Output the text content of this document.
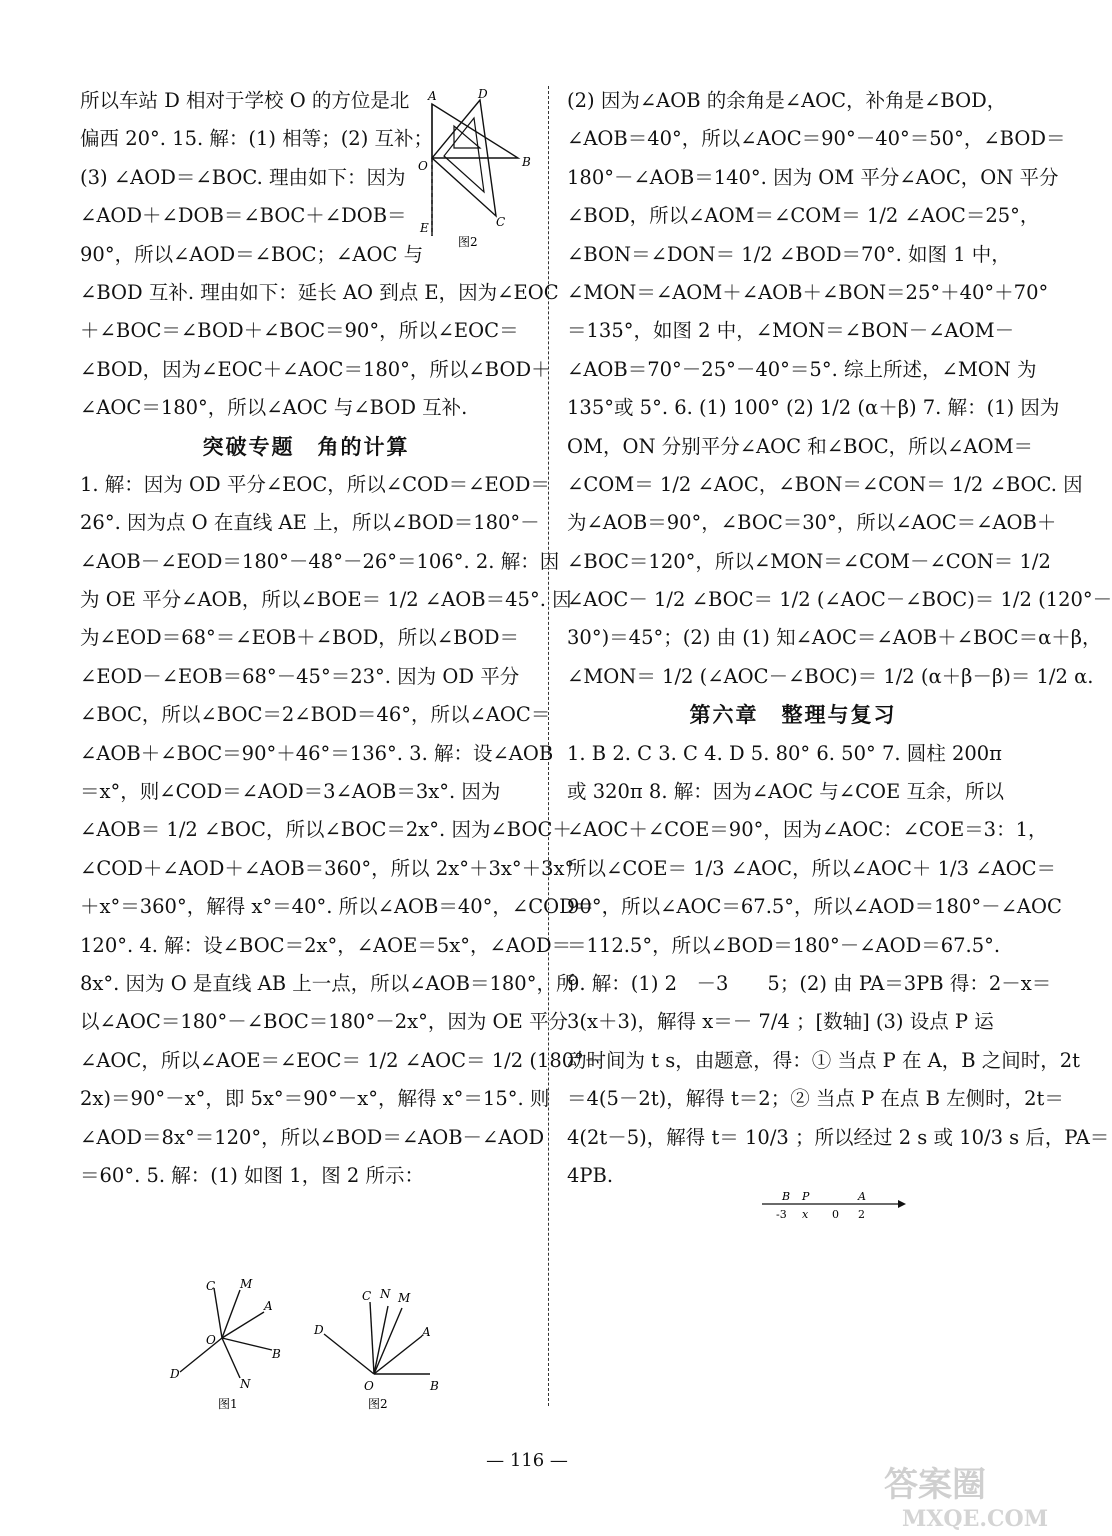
所以车站 D 相对于学校 O 的方位是北
偏西 20°. 15. 解：(1) 相等；(2) 互补；
(3) ∠AOD＝∠BOC. 理由如下：因为
∠AOD＋∠DOB＝∠BOC＋∠DOB＝
90°，所以∠AOD＝∠BOC；∠AOC 与
∠BOD 互补. 理由如下：延长 AO 到点 E，因为∠EOC
＋∠BOC＝∠BOD＋∠BOC＝90°，所以∠EOC＝
∠BOD，因为∠EOC＋∠AOC＝180°，所以∠BOD＋
∠AOC＝180°，所以∠AOC 与∠BOD 互补.
突破专题　角的计算
1. 解：因为 OD 平分∠EOC，所以∠COD＝∠EOD＝
26°. 因为点 O 在直线 AE 上，所以∠BOD＝180°－
∠AOB－∠EOD＝180°－48°－26°＝106°. 2. 解：因
为 OE 平分∠AOB，所以∠BOE＝ 1/2 ∠AOB＝45°. 因
为∠EOD＝68°＝∠EOB＋∠BOD，所以∠BOD＝
∠EOD－∠EOB＝68°－45°＝23°. 因为 OD 平分
∠BOC，所以∠BOC＝2∠BOD＝46°，所以∠AOC＝
∠AOB＋∠BOC＝90°＋46°＝136°. 3. 解：设∠AOB
＝x°，则∠COD＝∠AOD＝3∠AOB＝3x°. 因为
∠AOB＝ 1/2 ∠BOC，所以∠BOC＝2x°. 因为∠BOC＋
∠COD＋∠AOD＋∠AOB＝360°，所以 2x°＋3x°＋3x°
＋x°＝360°，解得 x°＝40°. 所以∠AOB＝40°，∠COD＝
120°. 4. 解：设∠BOC＝2x°，∠AOE＝5x°，∠AOD＝
8x°. 因为 O 是直线 AB 上一点，所以∠AOB＝180°，所
以∠AOC＝180°－∠BOC＝180°－2x°，因为 OE 平分
∠AOC，所以∠AOE＝∠EOC＝ 1/2 ∠AOC＝ 1/2 (180°－
2x)＝90°－x°，即 5x°＝90°－x°，解得 x°＝15°. 则
∠AOD＝8x°＝120°，所以∠BOD＝∠AOB－∠AOD
＝60°. 5. 解：(1) 如图 1，图 2 所示：
A	D
O	B
E	C
图2
C M
A
O
B
D
N
图1
D
C N M
A
O	B
图2
(2) 因为∠AOB 的余角是∠AOC，补角是∠BOD，
∠AOB＝40°，所以∠AOC＝90°－40°＝50°，∠BOD＝
180°－∠AOB＝140°. 因为 OM 平分∠AOC，ON 平分
∠BOD，所以∠AOM＝∠COM＝ 1/2 ∠AOC＝25°，
∠BON＝∠DON＝ 1/2 ∠BOD＝70°. 如图 1 中，
∠MON＝∠AOM＋∠AOB＋∠BON＝25°＋40°＋70°
＝135°，如图 2 中，∠MON＝∠BON－∠AOM－
∠AOB＝70°－25°－40°＝5°. 综上所述，∠MON 为
135°或 5°. 6. (1) 100° (2) 1/2 (α＋β) 7. 解：(1) 因为
OM，ON 分别平分∠AOC 和∠BOC，所以∠AOM＝
∠COM＝ 1/2 ∠AOC，∠BON＝∠CON＝ 1/2 ∠BOC. 因
为∠AOB＝90°，∠BOC＝30°，所以∠AOC＝∠AOB＋
∠BOC＝120°，所以∠MON＝∠COM－∠CON＝ 1/2
∠AOC－ 1/2 ∠BOC＝ 1/2 (∠AOC－∠BOC)＝ 1/2 (120°－
30°)＝45°；(2) 由 (1) 知∠AOC＝∠AOB＋∠BOC＝α＋β，
∠MON＝ 1/2 (∠AOC－∠BOC)＝ 1/2 (α＋β－β)＝ 1/2 α.
第六章　整理与复习
1. B 2. C 3. C 4. D 5. 80° 6. 50° 7. 圆柱 200π
或 320π 8. 解：因为∠AOC 与∠COE 互余，所以
∠AOC＋∠COE＝90°，因为∠AOC：∠COE＝3：1，
所以∠COE＝ 1/3 ∠AOC，所以∠AOC＋ 1/3 ∠AOC＝
90°，所以∠AOC＝67.5°，所以∠AOD＝180°－∠AOC
＝112.5°，所以∠BOD＝180°－∠AOD＝67.5°.
9. 解：(1) 2　－3　　5；(2) 由 PA＝3PB 得：2－x＝
3(x＋3)，解得 x＝－ 7/4 ；[数轴] (3) 设点 P 运
动时间为 t s，由题意，得：① 当点 P 在 A，B 之间时，2t
＝4(5－2t)，解得 t＝2；② 当点 P 在点 B 左侧时，2t＝
4(2t－5)，解得 t＝ 10/3 ；所以经过 2 s 或 10/3 s 后，PA＝
4PB.
B P	A
-3 x 0 2
— 116 —
答案圈
MXQE.COM
